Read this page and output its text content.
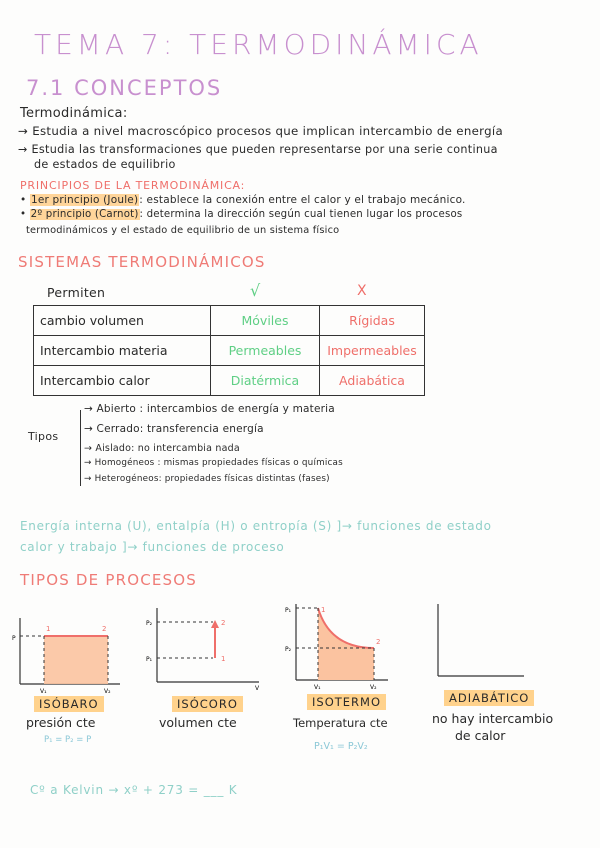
TEMA 7: TERMODINÁMICA
7.1 CONCEPTOS
Termodinámica:
→ Estudia a nivel macroscópico procesos que implican intercambio de energía
→ Estudia las transformaciones que pueden representarse por una serie continua
de estados de equilibrio
PRINCIPIOS DE LA TERMODINÁMICA:
• 1er principio (Joule): establece la conexión entre el calor y el trabajo mecánico.
• 2º principio (Carnot): determina la dirección según cual tienen lugar los procesos
termodinámicos y el estado de equilibrio de un sistema físico
SISTEMAS TERMODINÁMICOS
Permiten	√	X
cambio volumen	Móviles	Rígidas
Intercambio materia	Permeables	Impermeables
Intercambio calor	Diatérmica	Adiabática
Tipos
→ Abierto : intercambios de energía y materia
→ Cerrado: transferencia energía
→ Aislado: no intercambia nada
→ Homogéneos : mismas propiedades físicas o químicas
→ Heterogéneos: propiedades físicas distintas (fases)
Energía interna (U), entalpía (H) o entropía (S) ]→ funciones de estado
calor y trabajo ]→ funciones de proceso
TIPOS DE PROCESOS
P
1	2
V₁	V₂
ISÓBARO
presión cte
P₁ = P₂ = P
P₂
P₁
2
1
V
ISÓCORO
volumen cte
P₁
P₂
1
2
V₁	V₂
ISOTERMO
Temperatura cte
P₁V₁ = P₂V₂
ADIABÁTICO
no hay intercambio
de calor
Cº a Kelvin → xº + 273 = ___ K
